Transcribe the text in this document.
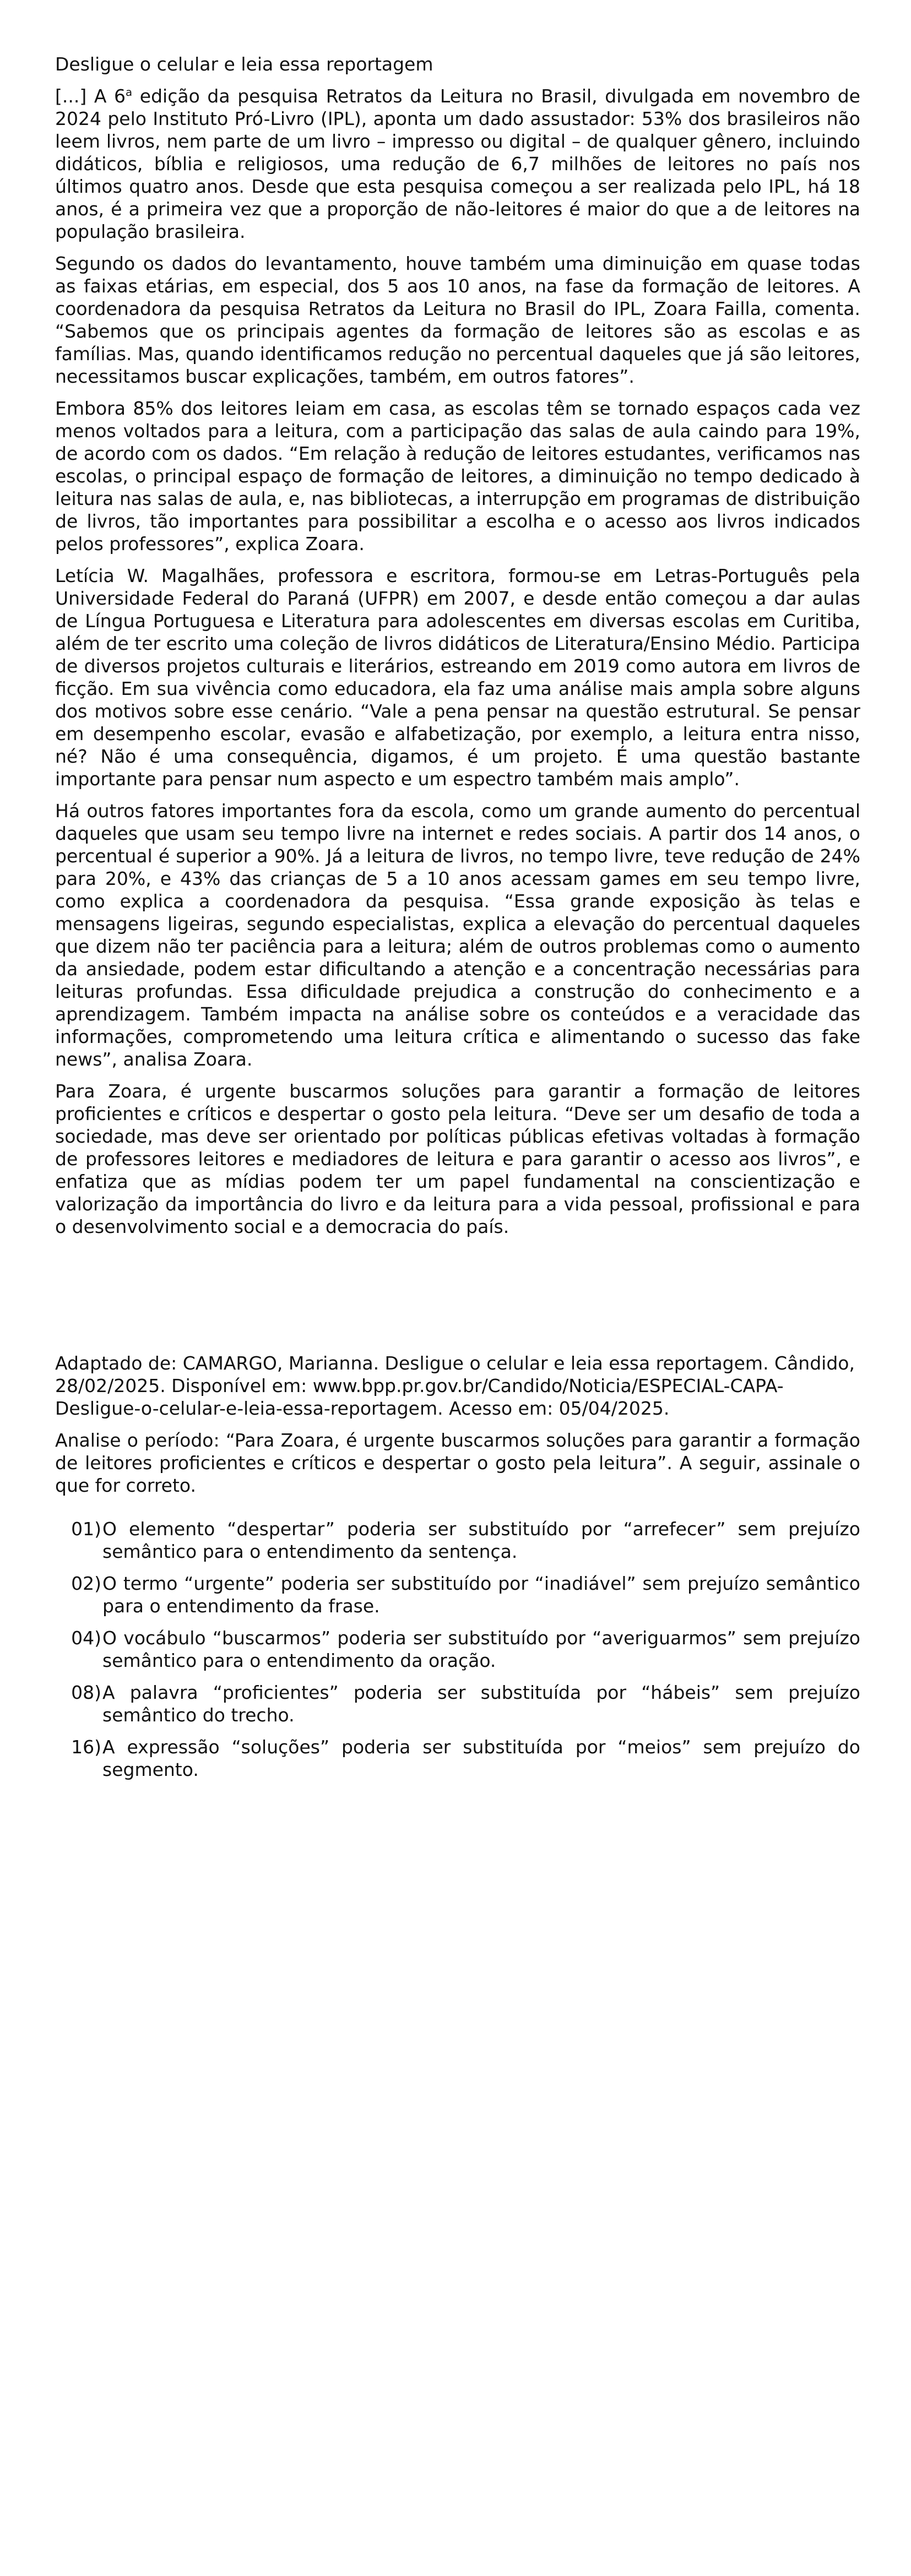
Desligue o celular e leia essa reportagem

[...] A 6$^a$ edição da pesquisa Retratos da Leitura no Brasil, divulgada em novembro de 2024 pelo Instituto Pró-Livro (IPL), aponta um dado assustador: 53% dos brasileiros não leem livros, nem parte de um livro – impresso ou digital – de qualquer gênero, incluindo didáticos, bíblia e religiosos, uma redução de 6,7 milhões de leitores no país nos últimos quatro anos. Desde que esta pesquisa começou a ser realizada pelo IPL, há 18 anos, é a primeira vez que a proporção de não-leitores é maior do que a de leitores na população brasileira.

Segundo os dados do levantamento, houve também uma diminuição em quase todas as faixas etárias, em especial, dos 5 aos 10 anos, na fase da formação de leitores. A coordenadora da pesquisa Retratos da Leitura no Brasil do IPL, Zoara Failla, comenta. “Sabemos que os principais agentes da formação de leitores são as escolas e as famílias. Mas, quando identificamos redução no percentual daqueles que já são leitores, necessitamos buscar explicações, também, em outros fatores”.

Embora 85% dos leitores leiam em casa, as escolas têm se tornado espaços cada vez menos voltados para a leitura, com a participação das salas de aula caindo para 19%, de acordo com os dados. “Em relação à redução de leitores estudantes, verificamos nas escolas, o principal espaço de formação de leitores, a diminuição no tempo dedicado à leitura nas salas de aula, e, nas bibliotecas, a interrupção em programas de distribuição de livros, tão importantes para possibilitar a escolha e o acesso aos livros indicados pelos professores”, explica Zoara.

Letícia W. Magalhães, professora e escritora, formou-se em Letras-Português pela Universidade Federal do Paraná (UFPR) em 2007, e desde então começou a dar aulas de Língua Portuguesa e Literatura para adolescentes em diversas escolas em Curitiba, além de ter escrito uma coleção de livros didáticos de Literatura/Ensino Médio. Participa de diversos projetos culturais e literários, estreando em 2019 como autora em livros de ficção. Em sua vivência como educadora, ela faz uma análise mais ampla sobre alguns dos motivos sobre esse cenário. “Vale a pena pensar na questão estrutural. Se pensar em desempenho escolar, evasão e alfabetização, por exemplo, a leitura entra nisso, né? Não é uma consequência, digamos, é um projeto. É uma questão bastante importante para pensar num aspecto e um espectro também mais amplo”.

Há outros fatores importantes fora da escola, como um grande aumento do percentual daqueles que usam seu tempo livre na internet e redes sociais. A partir dos 14 anos, o percentual é superior a 90%. Já a leitura de livros, no tempo livre, teve redução de 24% para 20%, e 43% das crianças de 5 a 10 anos acessam games em seu tempo livre, como explica a coordenadora da pesquisa. “Essa grande exposição às telas e mensagens ligeiras, segundo especialistas, explica a elevação do percentual daqueles que dizem não ter paciência para a leitura; além de outros problemas como o aumento da ansiedade, podem estar dificultando a atenção e a concentração necessárias para leituras profundas. Essa dificuldade prejudica a construção do conhecimento e a aprendizagem. Também impacta na análise sobre os conteúdos e a veracidade das informações, comprometendo uma leitura crítica e alimentando o sucesso das fake news”, analisa Zoara.

Para Zoara, é urgente buscarmos soluções para garantir a formação de leitores proficientes e críticos e despertar o gosto pela leitura. “Deve ser um desafio de toda a sociedade, mas deve ser orientado por políticas públicas efetivas voltadas à formação de professores leitores e mediadores de leitura e para garantir o acesso aos livros”, e enfatiza que as mídias podem ter um papel fundamental na conscientização e valorização da importância do livro e da leitura para a vida pessoal, profissional e para o desenvolvimento social e a democracia do país.

Adaptado de: CAMARGO, Marianna. Desligue o celular e leia essa reportagem. Cândido, 28/02/2025. Disponível em: www.bpp.pr.gov.br/Candido/Noticia/ESPECIAL-CAPA-Desligue-o-celular-e-leia-essa-reportagem. Acesso em: 05/04/2025.

Analise o período: “Para Zoara, é urgente buscarmos soluções para garantir a formação de leitores proficientes e críticos e despertar o gosto pela leitura”. A seguir, assinale o que for correto.

01) O elemento “despertar” poderia ser substituído por “arrefecer” sem prejuízo semântico para o entendimento da sentença.
02) O termo “urgente” poderia ser substituído por “inadiável” sem prejuízo semântico para o entendimento da frase.
04) O vocábulo “buscarmos” poderia ser substituído por “averiguarmos” sem prejuízo semântico para o entendimento da oração.
08) A palavra “proficientes” poderia ser substituída por “hábeis” sem prejuízo semântico do trecho.
16) A expressão “soluções” poderia ser substituída por “meios” sem prejuízo do segmento.
